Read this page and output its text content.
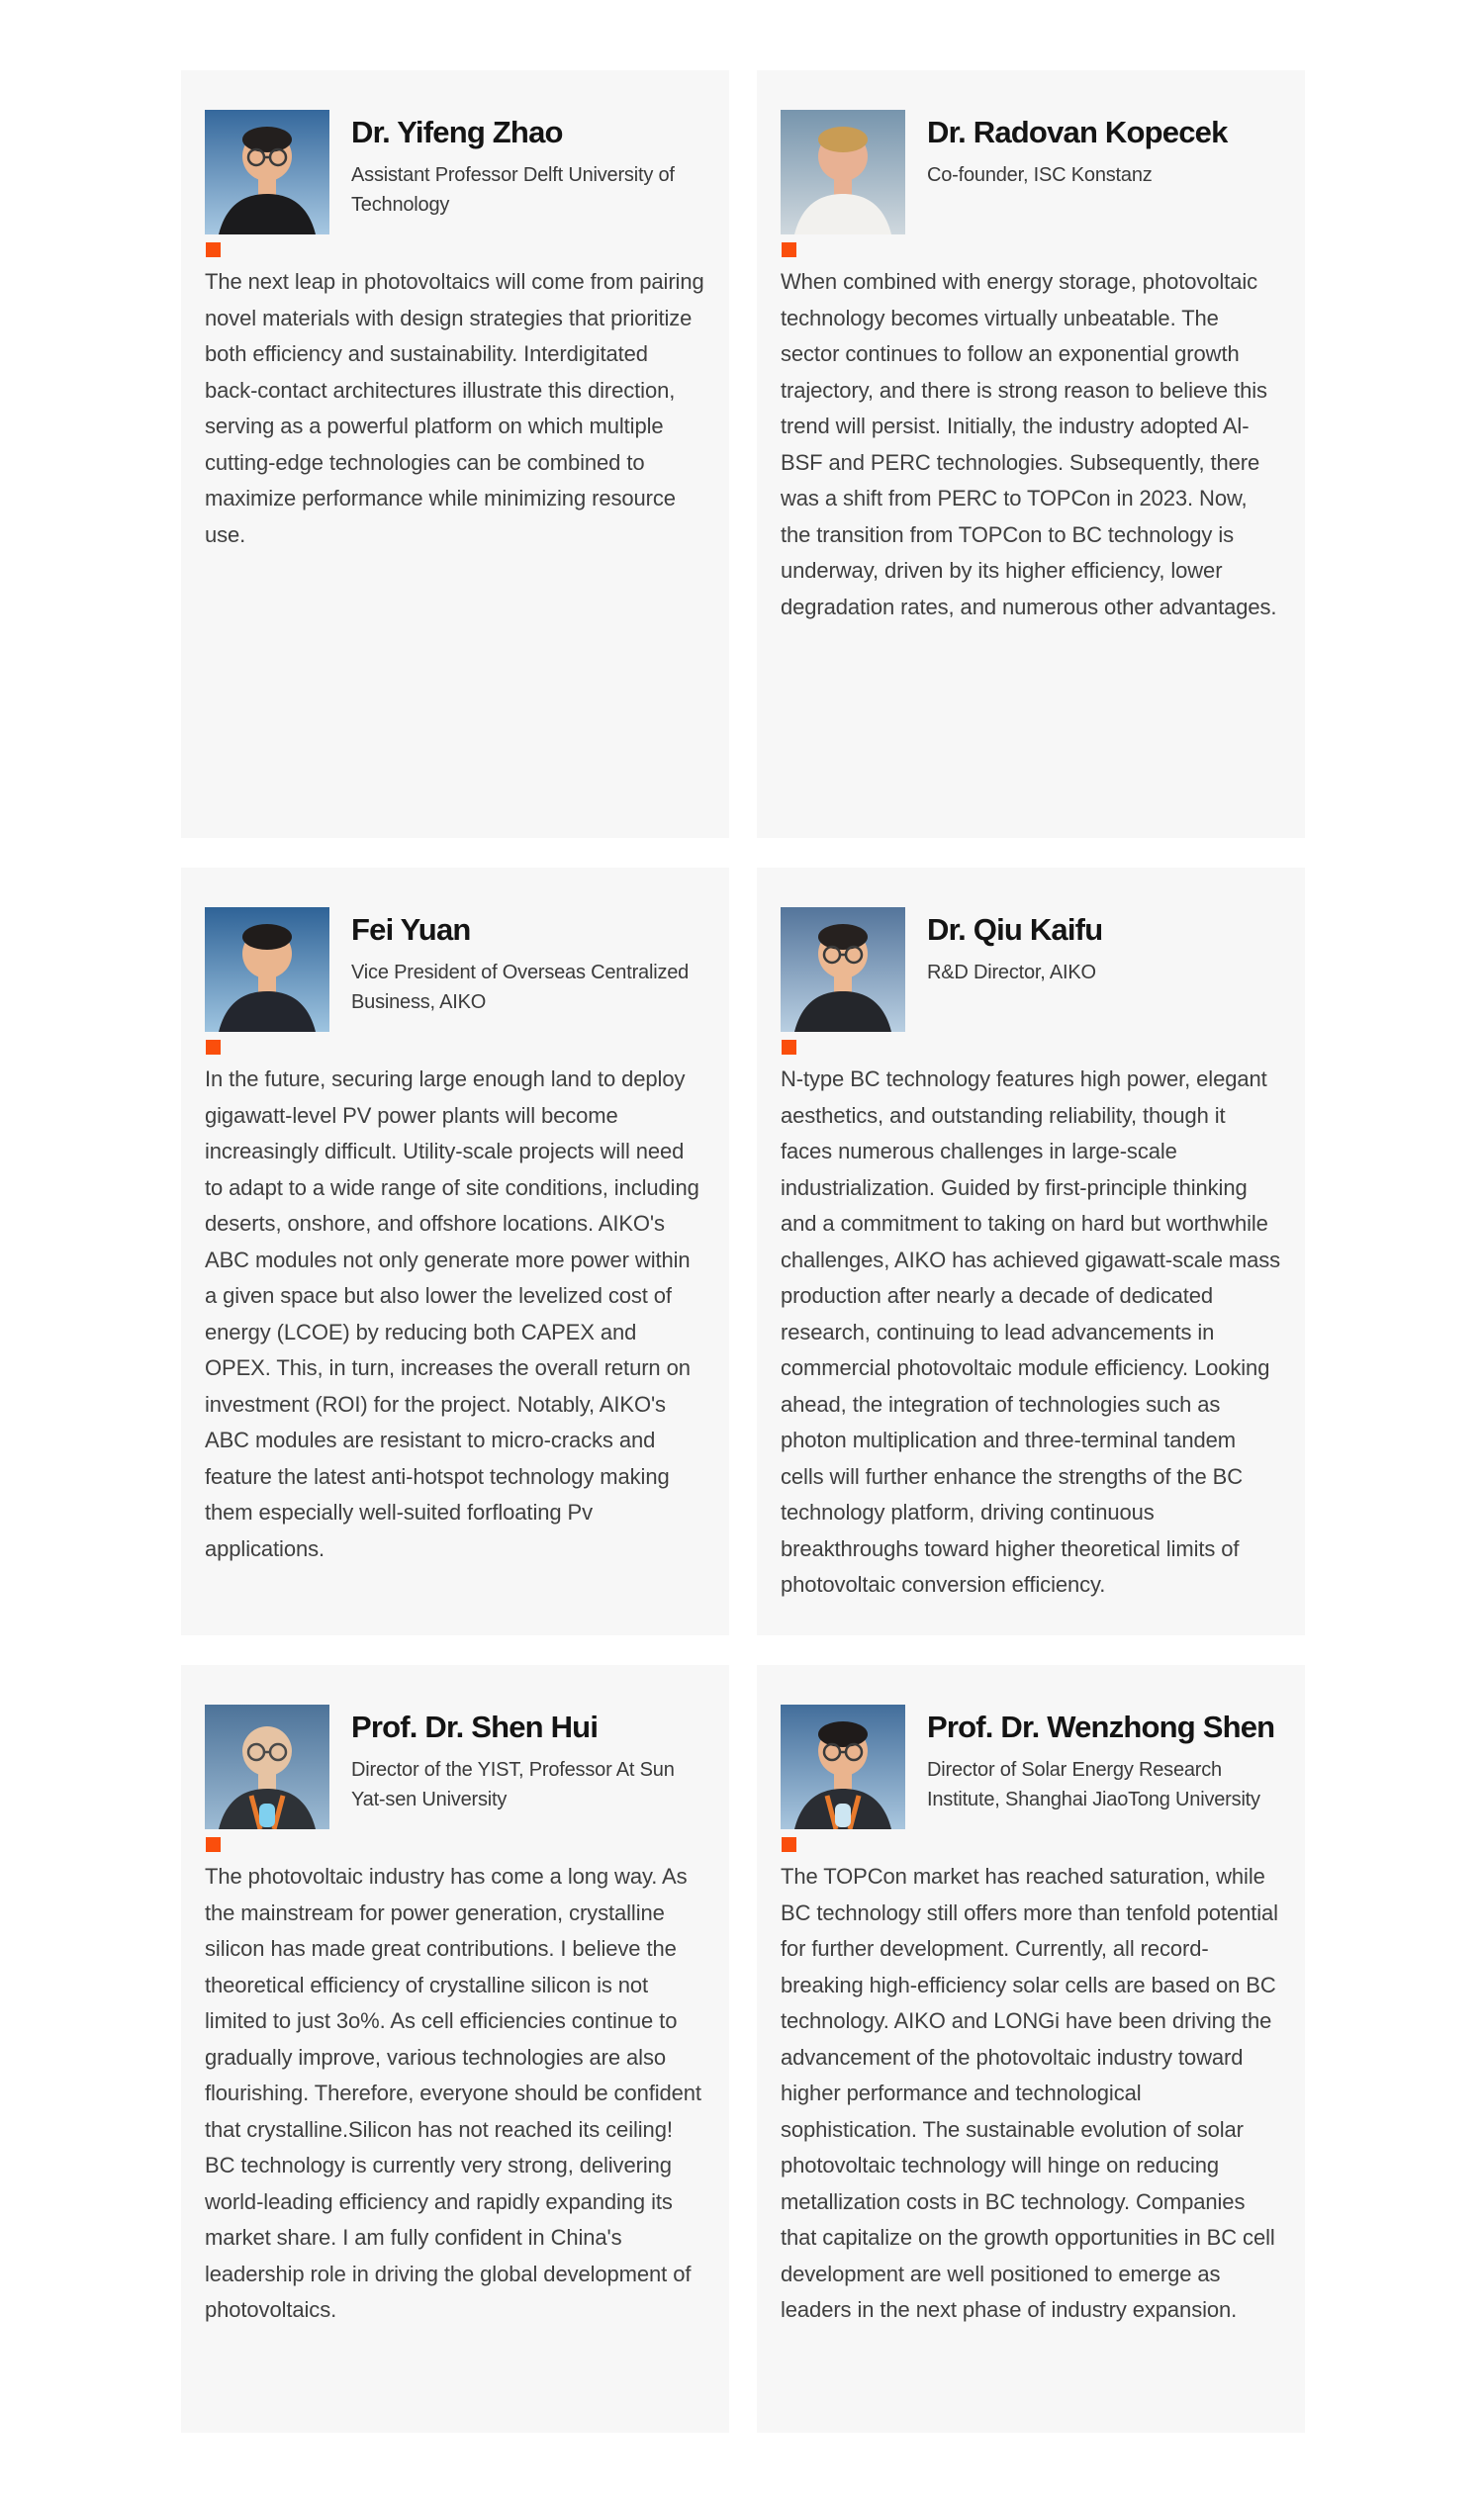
Dr. Yifeng Zhao
Assistant Professor Delft University of Technology

The next leap in photovoltaics will come from pairing novel materials with design strategies that prioritize both efficiency and sustainability. Interdigitated back-contact architectures illustrate this direction, serving as a powerful platform on which multiple cutting-edge technologies can be combined to maximize performance while minimizing resource use.

Dr. Radovan Kopecek
Co-founder, ISC Konstanz

When combined with energy storage, photovoltaic technology becomes virtually unbeatable. The sector continues to follow an exponential growth trajectory, and there is strong reason to believe this trend will persist. Initially, the industry adopted Al-BSF and PERC technologies. Subsequently, there was a shift from PERC to TOPCon in 2023. Now, the transition from TOPCon to BC technology is underway, driven by its higher efficiency, lower degradation rates, and numerous other advantages.

Fei Yuan
Vice President of Overseas Centralized Business, AIKO

In the future, securing large enough land to deploy gigawatt-level PV power plants will become increasingly difficult. Utility-scale projects will need to adapt to a wide range of site conditions, including deserts, onshore, and offshore locations. AIKO's ABC modules not only generate more power within a given space but also lower the levelized cost of energy (LCOE) by reducing both CAPEX and OPEX. This, in turn, increases the overall return on investment (ROI) for the project. Notably, AIKO's ABC modules are resistant to micro-cracks and feature the latest anti-hotspot technology making them especially well-suited forfloating Pv applications.

Dr. Qiu Kaifu
R&D Director, AIKO

N-type BC technology features high power, elegant aesthetics, and outstanding reliability, though it faces numerous challenges in large-scale industrialization. Guided by first-principle thinking and a commitment to taking on hard but worthwhile challenges, AIKO has achieved gigawatt-scale mass production after nearly a decade of dedicated research, continuing to lead advancements in commercial photovoltaic module efficiency. Looking ahead, the integration of technologies such as photon multiplication and three-terminal tandem cells will further enhance the strengths of the BC technology platform, driving continuous breakthroughs toward higher theoretical limits of photovoltaic conversion efficiency.

Prof. Dr. Shen Hui
Director of the YIST, Professor At Sun Yat-sen University

The photovoltaic industry has come a long way. As the mainstream for power generation, crystalline silicon has made great contributions. I believe the theoretical efficiency of crystalline silicon is not limited to just 3o%. As cell efficiencies continue to gradually improve, various technologies are also flourishing. Therefore, everyone should be confident that crystalline.Silicon has not reached its ceiling! BC technology is currently very strong, delivering world-leading efficiency and rapidly expanding its market share. I am fully confident in China's leadership role in driving the global development of photovoltaics.

Prof. Dr. Wenzhong Shen
Director of Solar Energy Research Institute, Shanghai JiaoTong University

The TOPCon market has reached saturation, while BC technology still offers more than tenfold potential for further development. Currently, all record-breaking high-efficiency solar cells are based on BC technology. AIKO and LONGi have been driving the advancement of the photovoltaic industry toward higher performance and technological sophistication. The sustainable evolution of solar photovoltaic technology will hinge on reducing metallization costs in BC technology. Companies that capitalize on the growth opportunities in BC cell development are well positioned to emerge as leaders in the next phase of industry expansion.
